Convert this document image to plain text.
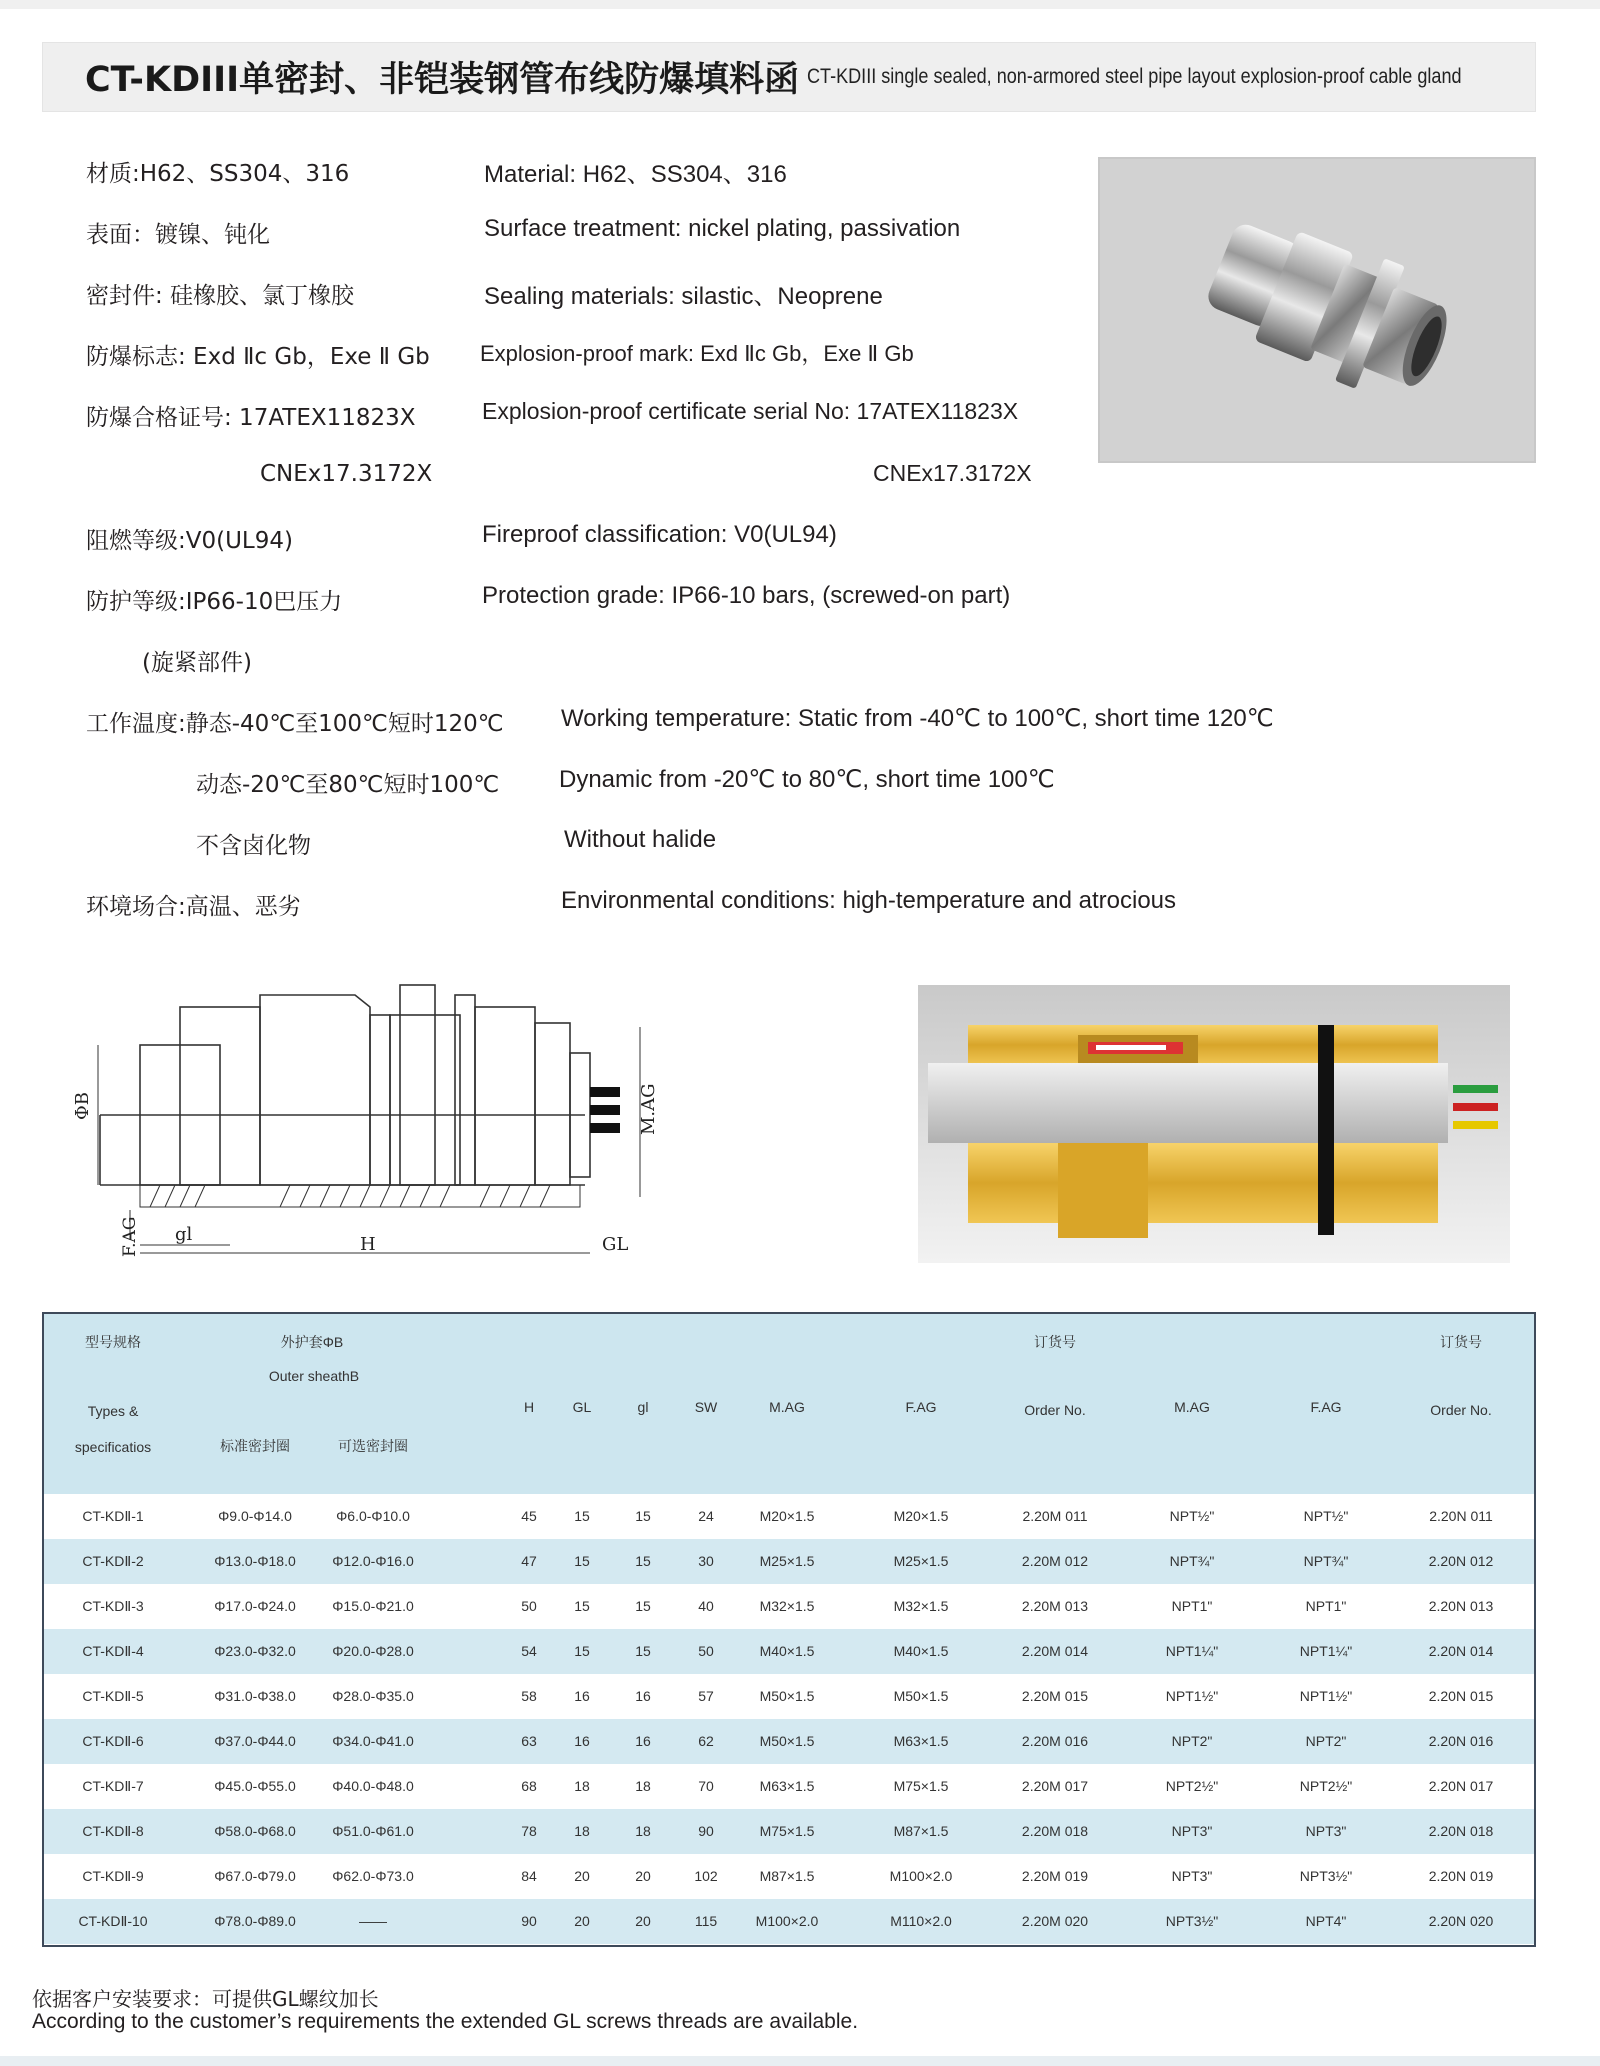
CT-KDIII单密封、非铠装钢管布线防爆填料函 CT-KDIII single sealed, non-armored steel pipe layout explosion-proof cable gland
材质:H62、SS304、316	Material: H62、SS304、316
表面：镀镍、钝化	Surface treatment: nickel plating, passivation
密封件: 硅橡胶、氯丁橡胶	Sealing materials: silastic、Neoprene
防爆标志: Exd Ⅱc Gb，Exe Ⅱ Gb Explosion-proof mark: Exd Ⅱc Gb，Exe Ⅱ Gb
防爆合格证号: 17ATEX11823X	Explosion-proof certificate serial No: 17ATEX11823X
CNEx17.3172X	CNEx17.3172X
阻燃等级:V0(UL94)	Fireproof classification: V0(UL94)
防护等级:IP66-10巴压力	Protection grade: IP66-10 bars, (screwed-on part)
(旋紧部件)
工作温度:静态-40℃至100℃短时120℃ Working temperature: Static from -40℃ to 100℃, short time 120℃
动态-20℃至80℃短时100℃ Dynamic from -20℃ to 80℃, short time 100℃
不含卤化物	Without halide
环境场合:高温、恶劣	Environmental conditions: high-temperature and atrocious
ΦB	M.AG
F.AG gl	H	GL
型号规格	外护套ΦB	订货号	订货号
Outer sheathB
Types &	H	GL	gl	SW	M.AG	F.AG	Order No.	M.AG	F.AG	Order No.
specificatios	标准密封圈	可选密封圈
CT-KDⅡ-1	Φ9.0-Φ14.0	Φ6.0-Φ10.0	45	15	15	24	M20×1.5	M20×1.5	2.20M 011	NPT½"	NPT½"	2.20N 011
CT-KDⅡ-2	Φ13.0-Φ18.0	Φ12.0-Φ16.0	47	15	15	30	M25×1.5	M25×1.5	2.20M 012	NPT¾"	NPT¾"	2.20N 012
CT-KDⅡ-3	Φ17.0-Φ24.0	Φ15.0-Φ21.0	50	15	15	40	M32×1.5	M32×1.5	2.20M 013	NPT1"	NPT1"	2.20N 013
CT-KDⅡ-4	Φ23.0-Φ32.0	Φ20.0-Φ28.0	54	15	15	50	M40×1.5	M40×1.5	2.20M 014	NPT1¼"	NPT1¼"	2.20N 014
CT-KDⅡ-5	Φ31.0-Φ38.0	Φ28.0-Φ35.0	58	16	16	57	M50×1.5	M50×1.5	2.20M 015	NPT1½"	NPT1½"	2.20N 015
CT-KDⅡ-6	Φ37.0-Φ44.0	Φ34.0-Φ41.0	63	16	16	62	M50×1.5	M63×1.5	2.20M 016	NPT2"	NPT2"	2.20N 016
CT-KDⅡ-7	Φ45.0-Φ55.0	Φ40.0-Φ48.0	68	18	18	70	M63×1.5	M75×1.5	2.20M 017	NPT2½"	NPT2½"	2.20N 017
CT-KDⅡ-8	Φ58.0-Φ68.0	Φ51.0-Φ61.0	78	18	18	90	M75×1.5	M87×1.5	2.20M 018	NPT3"	NPT3"	2.20N 018
CT-KDⅡ-9	Φ67.0-Φ79.0	Φ62.0-Φ73.0	84	20	20	102	M87×1.5	M100×2.0	2.20M 019	NPT3"	NPT3½"	2.20N 019
CT-KDⅡ-10	Φ78.0-Φ89.0	——	90	20	20	115	M100×2.0	M110×2.0	2.20M 020	NPT3½"	NPT4"	2.20N 020
依据客户安装要求：可提供GL螺纹加长
According to the customer’s requirements the extended GL screws threads are available.
